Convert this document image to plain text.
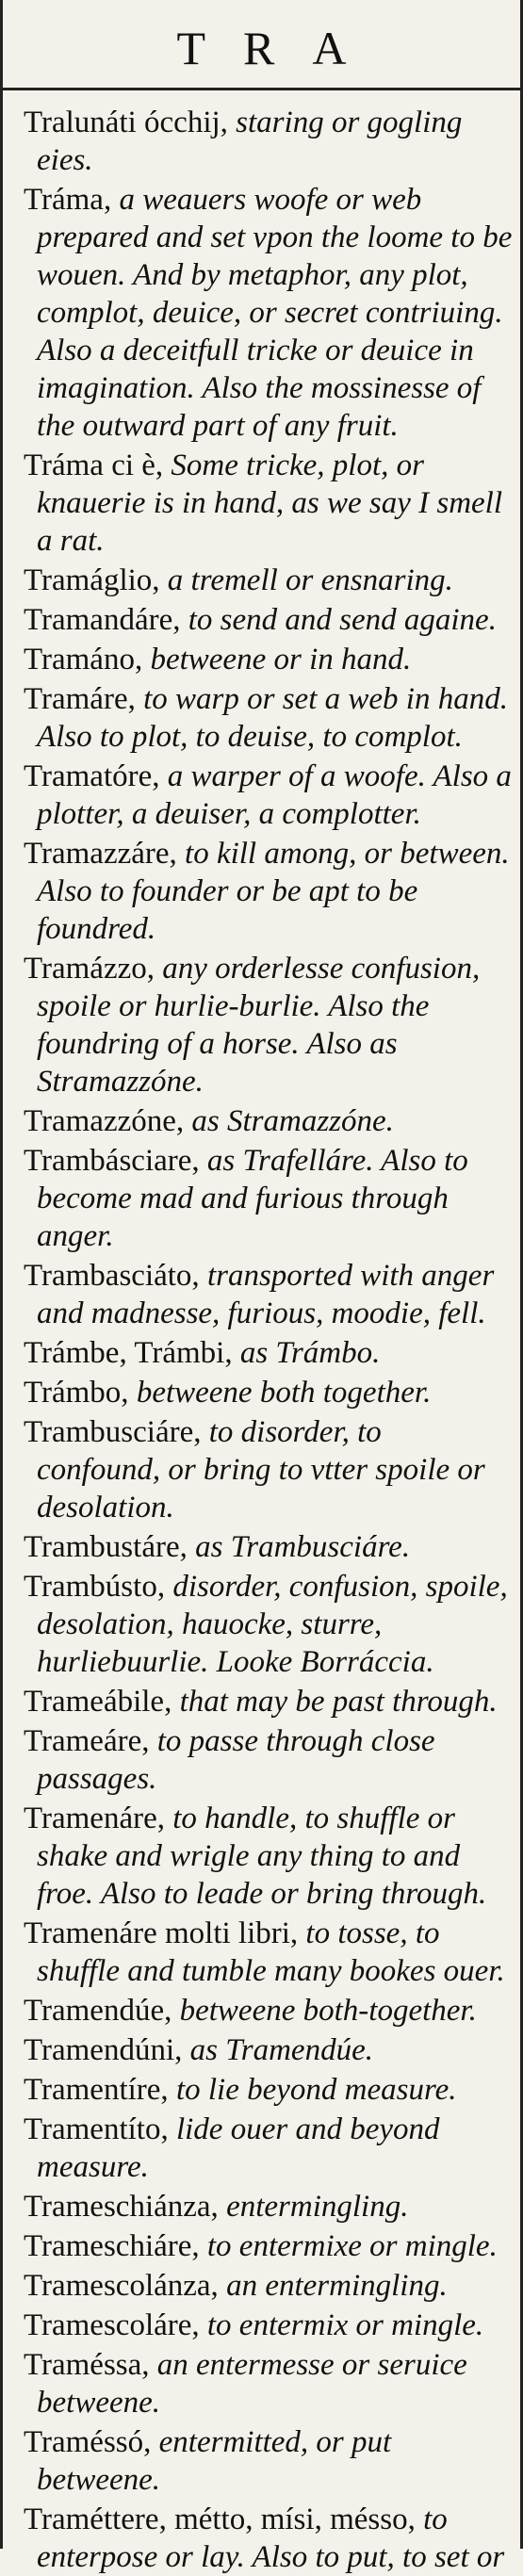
TRA
Tralunáti ócchij, staring or gogling eies.
Tráma, a weauers woofe or web prepared and set vpon the loome to be wouen. And by metaphor, any plot, complot, deuice, or secret contriuing. Also a deceitfull tricke or deuice in imagination. Also the mossinesse of the outward part of any fruit.
Tráma ci è, Some tricke, plot, or knauerie is in hand, as we say I smell a rat.
Tramáglio, a tremell or ensnaring.
Tramandáre, to send and send againe.
Tramáno, betweene or in hand.
Tramáre, to warp or set a web in hand. Also to plot, to deuise, to complot.
Tramatóre, a warper of a woofe. Also a plotter, a deuiser, a complotter.
Tramazzáre, to kill among, or between. Also to founder or be apt to be foundred.
Tramázzo, any orderlesse confusion, spoile or hurlie-burlie. Also the foundring of a horse. Also as Stramazzóne.
Tramazzóne, as Stramazzóne.
Trambásciare, as Trafelláre. Also to become mad and furious through anger.
Trambasciáto, transported with anger and madnesse, furious, moodie, fell.
Trámbe, Trámbi, as Trámbo.
Trámbo, betweene both together.
Trambusciáre, to disorder, to confound, or bring to vtter spoile or desolation.
Trambustáre, as Trambusciáre.
Trambústo, disorder, confusion, spoile, desolation, hauocke, sturre, hurliebuurlie. Looke Borráccia.
Trameábile, that may be past through.
Trameáre, to passe through close passages.
Tramenáre, to handle, to shuffle or shake and wrigle any thing to and froe. Also to leade or bring through.
Tramenáre molti libri, to tosse, to shuffle and tumble many bookes ouer.
Tramendúe, betweene both-together.
Tramendúni, as Tramendúe.
Tramentíre, to lie beyond measure.
Tramentíto, lide ouer and beyond measure.
Trameschiánza, entermingling.
Trameschiáre, to entermixe or mingle.
Tramescolánza, an entermingling.
Tramescoláre, to entermix or mingle.
Traméssa, an entermesse or seruice betweene.
Traméssó, entermitted, or put betweene.
Traméttere, métto, mísi, mésso, to enterpose or lay. Also to put, to set or
